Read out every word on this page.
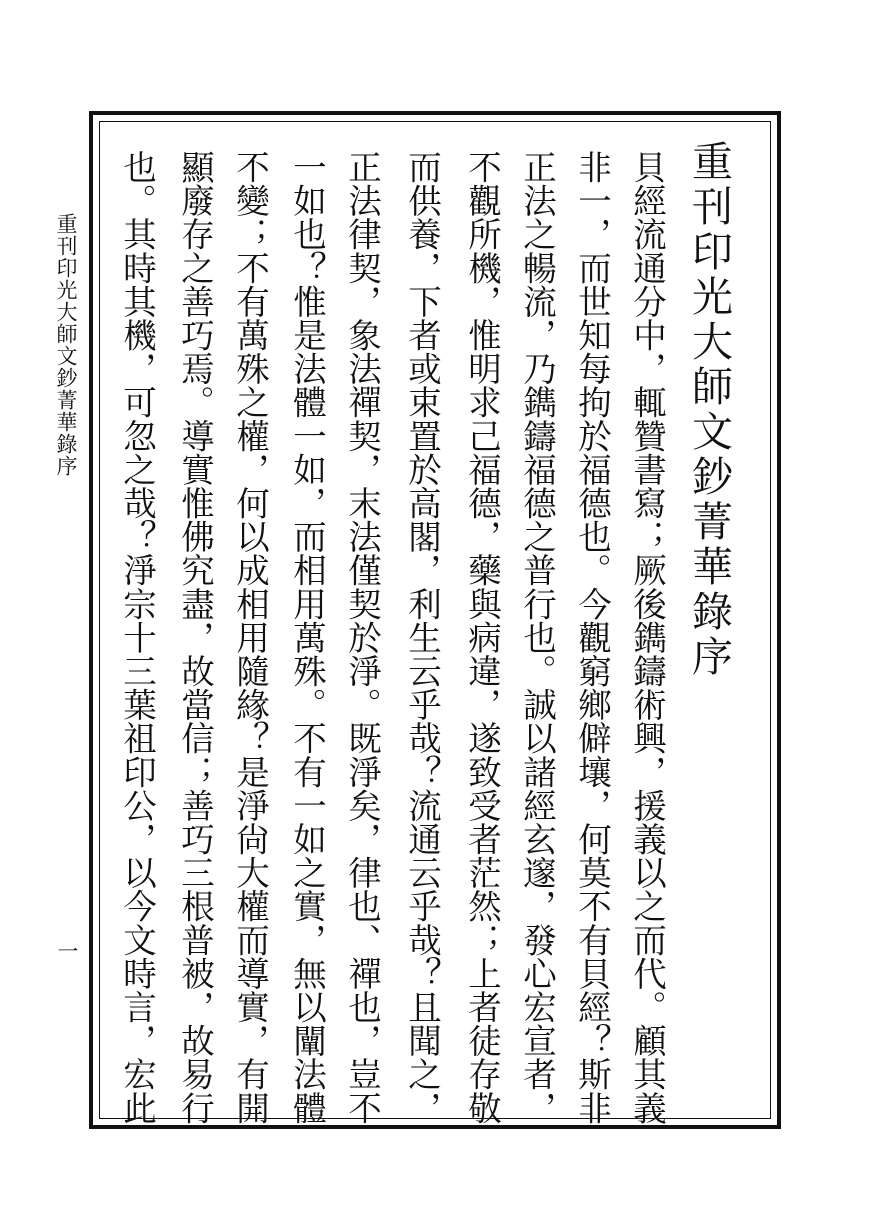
重刊印光大師文鈔菁華錄序
貝經流通分中，輒贊書寫；厥後鐫鑄術興，援義以之而代。顧其義
非一，而世知每拘於福德也。今觀窮鄉僻壤，何莫不有貝經？斯非
正法之暢流，乃鐫鑄福德之普行也。誠以諸經玄邃，發心宏宣者，
不觀所機，惟明求己福德，藥與病違，遂致受者茫然；上者徒存敬
而供養，下者或束置於高閣，利生云乎哉？流通云乎哉？且聞之，
正法律契，象法禪契，末法僅契於淨。既淨矣，律也、禪也，豈不
一如也？惟是法體一如，而相用萬殊。不有一如之實，無以闡法體
不變；不有萬殊之權，何以成相用隨緣？是淨尙大權而導實，有開
顯廢存之善巧焉。導實惟佛究盡，故當信；善巧三根普被，故易行
也。其時其機，可忽之哉？淨宗十三葉祖印公，以今文時言，宏此
重刊印光大師文鈔菁華錄序
一
